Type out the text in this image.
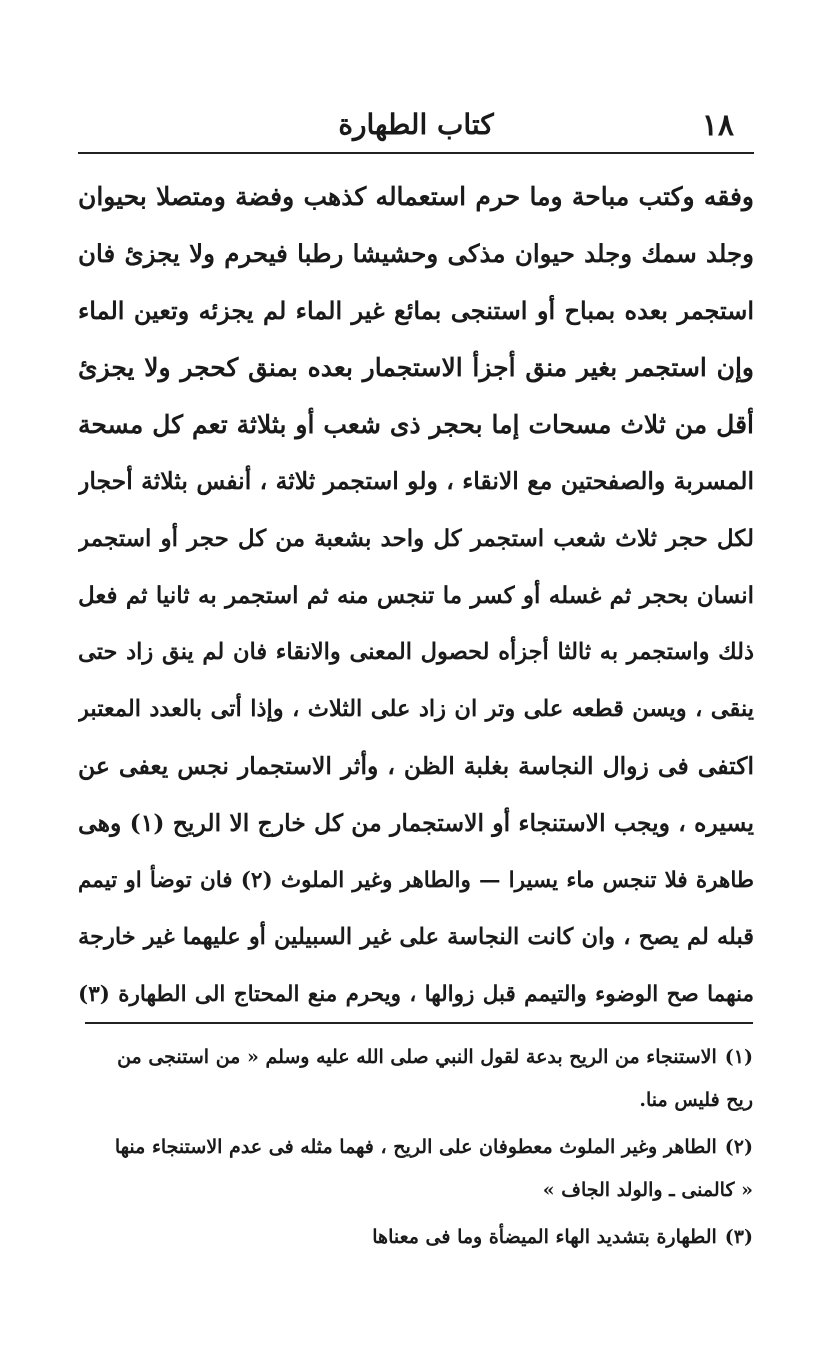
١٨
كتاب الطهارة
وفقه وكتب مباحة وما حرم استعماله كذهب وفضة ومتصلا بحيوان
وجلد سمك وجلد حيوان مذكى وحشيشا رطبا فيحرم ولا يجزئ فان
استجمر بعده بمباح أو استنجى بمائع غير الماء لم يجزئه وتعين الماء
وإن استجمر بغير منق أجزأ الاستجمار بعده بمنق كحجر ولا يجزئ
أقل من ثلاث مسحات إما بحجر ذى شعب أو بثلاثة تعم كل مسحة
المسربة والصفحتين مع الانقاء ، ولو استجمر ثلاثة ، أنفس بثلاثة أحجار
لكل حجر ثلاث شعب استجمر كل واحد بشعبة من كل حجر أو استجمر
انسان بحجر ثم غسله أو كسر ما تنجس منه ثم استجمر به ثانيا ثم فعل
ذلك واستجمر به ثالثا أجزأه لحصول المعنى والانقاء فان لم ينق زاد حتى
ينقى ، ويسن قطعه على وتر ان زاد على الثلاث ، وإذا أتى بالعدد المعتبر
اكتفى فى زوال النجاسة بغلبة الظن ، وأثر الاستجمار نجس يعفى عن
يسيره ، ويجب الاستنجاء أو الاستجمار من كل خارج الا الريح (١) وهى
طاهرة فلا تنجس ماء يسيرا — والطاهر وغير الملوث (٢) فان توضأ او تيمم
قبله لم يصح ، وان كانت النجاسة على غير السبيلين أو عليهما غير خارجة
منهما صح الوضوء والتيمم قبل زوالها ، ويحرم منع المحتاج الى الطهارة (٣)
(١)الاستنجاء من الريح بدعة لقول النبي صلى الله عليه وسلم « من استنجى من
ريح فليس منا.
(٢)الطاهر وغير الملوث معطوفان على الريح ، فهما مثله فى عدم الاستنجاء منها
« كالمنى ـ والولد الجاف »
(٣)الطهارة بتشديد الهاء الميضأة وما فى معناها
